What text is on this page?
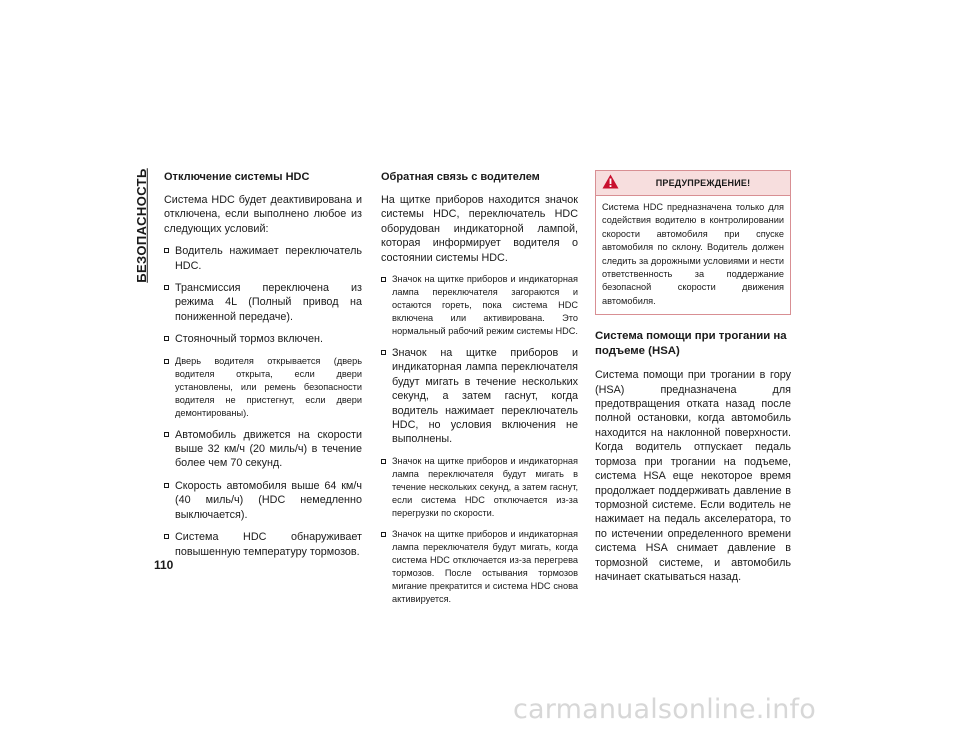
БЕЗОПАСНОСТЬ Отключение системы HDC

Система HDC будет деактивирована и отключена, если выполнено любое из следующих условий:

Водитель нажимает переключатель HDC.
Трансмиссия переключена из режима 4L (Полный привод на пониженной передаче).
Стояночный тормоз включен.
Дверь водителя открывается (дверь водителя открыта, если двери установлены, или ремень безопасности водителя не пристегнут, если двери демонтированы).
Автомобиль движется на скорости выше 32 км/ч (20 миль/ч) в течение более чем 70 секунд.
Скорость автомобиля выше 64 км/ч (40 миль/ч) (HDC немедленно выключается).
Система HDC обнаруживает повышенную температуру тормозов.
Обратная связь с водителем

На щитке приборов находится значок системы HDC, переключатель HDC оборудован индикаторной лампой, которая информирует водителя о состоянии системы HDC.

Значок на щитке приборов и индикаторная лампа переключателя загораются и остаются гореть, пока система HDC включена или активирована. Это нормальный рабочий режим системы HDC.
Значок на щитке приборов и индикаторная лампа переключателя будут мигать в течение нескольких секунд, а затем гаснут, когда водитель нажимает переключатель HDC, но условия включения не выполнены.
Значок на щитке приборов и индикаторная лампа переключателя будут мигать в течение нескольких секунд, а затем гаснут, если система HDC отключается из-за перегрузки по скорости.
Значок на щитке приборов и индикаторная лампа переключателя будут мигать, когда система HDC отключается из-за перегрева тормозов. После остывания тормозов мигание прекратится и система HDC снова активируется.
ПРЕДУПРЕЖДЕНИЕ!
Система HDC предназначена только для содействия водителю в контролировании скорости автомобиля при спуске автомобиля по склону. Водитель должен следить за дорожными условиями и нести ответственность за поддержание безопасной скорости движения автомобиля.
Система помощи при трогании на подъеме (HSA)

Система помощи при трогании в гору (HSA) предназначена для предотвращения отката назад после полной остановки, когда автомобиль находится на наклонной поверхности. Когда водитель отпускает педаль тормоза при трогании на подъеме, система HSA еще некоторое время продолжает поддерживать давление в тормозной системе. Если водитель не нажимает на педаль акселератора, то по истечении определенного времени система HSA снимает давление в тормозной системе, и автомобиль начинает скатываться назад.

110
carmanualsonline.info
